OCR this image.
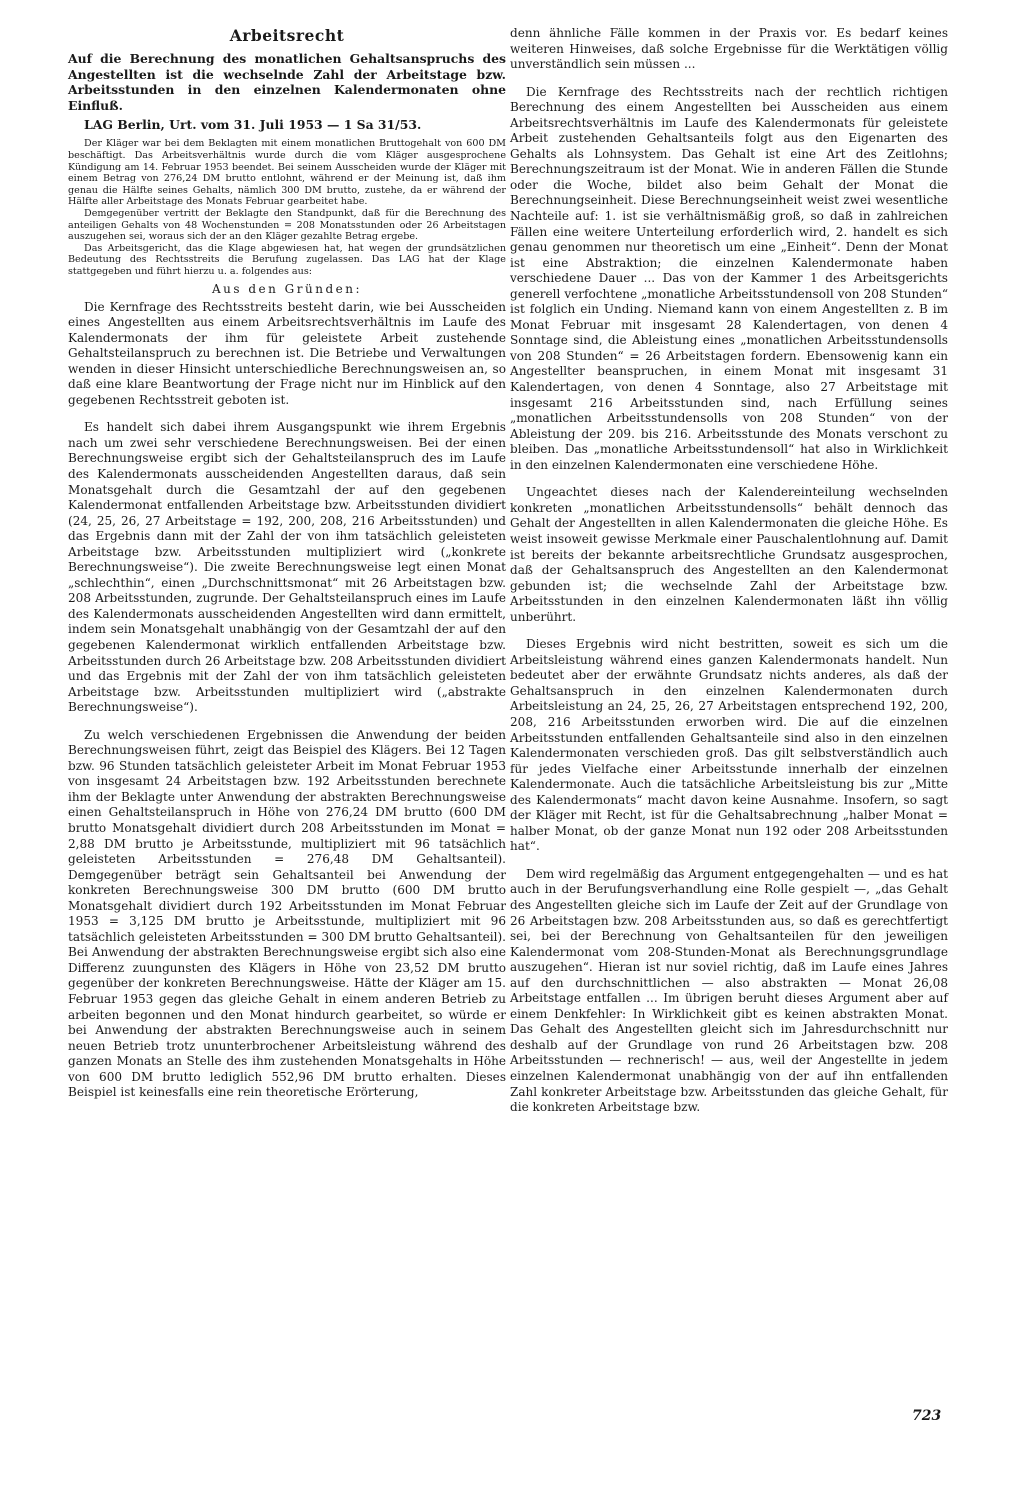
Arbeitsrecht

Auf die Berechnung des monatlichen Gehaltsanspruchs des Angestellten ist die wechselnde Zahl der Arbeitstage bzw. Arbeitsstunden in den einzelnen Kalendermonaten ohne Einfluß.

LAG Berlin, Urt. vom 31. Juli 1953 — 1 Sa 31/53.

Der Kläger war bei dem Beklagten mit einem monatlichen Bruttogehalt von 600 DM beschäftigt. Das Arbeitsverhältnis wurde durch die vom Kläger ausgesprochene Kündigung am 14. Februar 1953 beendet. Bei seinem Ausscheiden wurde der Kläger mit einem Betrag von 276,24 DM brutto entlohnt, während er der Meinung ist, daß ihm genau die Hälfte seines Gehalts, nämlich 300 DM brutto, zustehe, da er während der Hälfte aller Arbeitstage des Monats Februar gearbeitet habe.

Demgegenüber vertritt der Beklagte den Standpunkt, daß für die Berechnung des anteiligen Gehalts von 48 Wochenstunden = 208 Monatsstunden oder 26 Arbeitstagen auszugehen sei, woraus sich der an den Kläger gezahlte Betrag ergebe.

Das Arbeitsgericht, das die Klage abgewiesen hat, hat wegen der grundsätzlichen Bedeutung des Rechtsstreits die Berufung zugelassen. Das LAG hat der Klage stattgegeben und führt hierzu u. a. folgendes aus:

Aus den Gründen:

Die Kernfrage des Rechtsstreits besteht darin, wie bei Ausscheiden eines Angestellten aus einem Arbeitsrechtsverhältnis im Laufe des Kalendermonats der ihm für geleistete Arbeit zustehende Gehaltsteilanspruch zu berechnen ist. Die Betriebe und Verwaltungen wenden in dieser Hinsicht unterschiedliche Berechnungsweisen an, so daß eine klare Beantwortung der Frage nicht nur im Hinblick auf den gegebenen Rechtsstreit geboten ist.

Es handelt sich dabei ihrem Ausgangspunkt wie ihrem Ergebnis nach um zwei sehr verschiedene Berechnungsweisen. Bei der einen Berechnungsweise ergibt sich der Gehaltsteilanspruch des im Laufe des Kalendermonats ausscheidenden Angestellten daraus, daß sein Monatsgehalt durch die Gesamtzahl der auf den gegebenen Kalendermonat entfallenden Arbeitstage bzw. Arbeitsstunden dividiert (24, 25, 26, 27 Arbeitstage = 192, 200, 208, 216 Arbeitsstunden) und das Ergebnis dann mit der Zahl der von ihm tatsächlich geleisteten Arbeitstage bzw. Arbeitsstunden multipliziert wird („konkrete Berechnungsweise“). Die zweite Berechnungsweise legt einen Monat „schlechthin“, einen „Durchschnittsmonat“ mit 26 Arbeitstagen bzw. 208 Arbeitsstunden, zugrunde. Der Gehaltsteilanspruch eines im Laufe des Kalendermonats ausscheidenden Angestellten wird dann ermittelt, indem sein Monatsgehalt unabhängig von der Gesamtzahl der auf den gegebenen Kalendermonat wirklich entfallenden Arbeitstage bzw. Arbeitsstunden durch 26 Arbeitstage bzw. 208 Arbeitsstunden dividiert und das Ergebnis mit der Zahl der von ihm tatsächlich geleisteten Arbeitstage bzw. Arbeitsstunden multipliziert wird („abstrakte Berechnungsweise“).

Zu welch verschiedenen Ergebnissen die Anwendung der beiden Berechnungsweisen führt, zeigt das Beispiel des Klägers. Bei 12 Tagen bzw. 96 Stunden tatsächlich geleisteter Arbeit im Monat Februar 1953 von insgesamt 24 Arbeitstagen bzw. 192 Arbeitsstunden berechnete ihm der Beklagte unter Anwendung der abstrakten Berechnungsweise einen Gehaltsteilanspruch in Höhe von 276,24 DM brutto (600 DM brutto Monatsgehalt dividiert durch 208 Arbeitsstunden im Monat = 2,88 DM brutto je Arbeitsstunde, multipliziert mit 96 tatsächlich geleisteten Arbeitsstunden = 276,48 DM Gehaltsanteil). Demgegenüber beträgt sein Gehaltsanteil bei Anwendung der konkreten Berechnungsweise 300 DM brutto (600 DM brutto Monatsgehalt dividiert durch 192 Arbeitsstunden im Monat Februar 1953 = 3,125 DM brutto je Arbeitsstunde, multipliziert mit 96 tatsächlich geleisteten Arbeitsstunden = 300 DM brutto Gehaltsanteil). Bei Anwendung der abstrakten Berechnungsweise ergibt sich also eine Differenz zuungunsten des Klägers in Höhe von 23,52 DM brutto gegenüber der konkreten Berechnungsweise. Hätte der Kläger am 15. Februar 1953 gegen das gleiche Gehalt in einem anderen Betrieb zu arbeiten begonnen und den Monat hindurch gearbeitet, so würde er bei Anwendung der abstrakten Berechnungsweise auch in seinem neuen Betrieb trotz ununterbrochener Arbeitsleistung während des ganzen Monats an Stelle des ihm zustehenden Monatsgehalts in Höhe von 600 DM brutto lediglich 552,96 DM brutto erhalten. Dieses Beispiel ist keinesfalls eine rein theoretische Erörterung,

denn ähnliche Fälle kommen in der Praxis vor. Es bedarf keines weiteren Hinweises, daß solche Ergebnisse für die Werktätigen völlig unverständlich sein müssen ...

Die Kernfrage des Rechtsstreits nach der rechtlich richtigen Berechnung des einem Angestellten bei Ausscheiden aus einem Arbeitsrechtsverhältnis im Laufe des Kalendermonats für geleistete Arbeit zustehenden Gehaltsanteils folgt aus den Eigenarten des Gehalts als Lohnsystem. Das Gehalt ist eine Art des Zeitlohns; Berechnungszeitraum ist der Monat. Wie in anderen Fällen die Stunde oder die Woche, bildet also beim Gehalt der Monat die Berechnungseinheit. Diese Berechnungseinheit weist zwei wesentliche Nachteile auf: 1. ist sie verhältnismäßig groß, so daß in zahlreichen Fällen eine weitere Unterteilung erforderlich wird, 2. handelt es sich genau genommen nur theoretisch um eine „Einheit“. Denn der Monat ist eine Abstraktion; die einzelnen Kalendermonate haben verschiedene Dauer ... Das von der Kammer 1 des Arbeitsgerichts generell verfochtene „monatliche Arbeitsstundensoll von 208 Stunden“ ist folglich ein Unding. Niemand kann von einem Angestellten z. B im Monat Februar mit insgesamt 28 Kalendertagen, von denen 4 Sonntage sind, die Ableistung eines „monatlichen Arbeitsstundensolls von 208 Stunden“ = 26 Arbeitstagen fordern. Ebensowenig kann ein Angestellter beanspruchen, in einem Monat mit insgesamt 31 Kalendertagen, von denen 4 Sonntage, also 27 Arbeitstage mit insgesamt 216 Arbeitsstunden sind, nach Erfüllung seines „monatlichen Arbeitsstundensolls von 208 Stunden“ von der Ableistung der 209. bis 216. Arbeitsstunde des Monats verschont zu bleiben. Das „monatliche Arbeitsstundensoll“ hat also in Wirklichkeit in den einzelnen Kalendermonaten eine verschiedene Höhe.

Ungeachtet dieses nach der Kalendereinteilung wechselnden konkreten „monatlichen Arbeitsstundensolls“ behält dennoch das Gehalt der Angestellten in allen Kalendermonaten die gleiche Höhe. Es weist insoweit gewisse Merkmale einer Pauschalentlohnung auf. Damit ist bereits der bekannte arbeitsrechtliche Grundsatz ausgesprochen, daß der Gehaltsanspruch des Angestellten an den Kalendermonat gebunden ist; die wechselnde Zahl der Arbeitstage bzw. Arbeitsstunden in den einzelnen Kalendermonaten läßt ihn völlig unberührt.

Dieses Ergebnis wird nicht bestritten, soweit es sich um die Arbeitsleistung während eines ganzen Kalendermonats handelt. Nun bedeutet aber der erwähnte Grundsatz nichts anderes, als daß der Gehaltsanspruch in den einzelnen Kalendermonaten durch Arbeitsleistung an 24, 25, 26, 27 Arbeitstagen entsprechend 192, 200, 208, 216 Arbeitsstunden erworben wird. Die auf die einzelnen Arbeitsstunden entfallenden Gehaltsanteile sind also in den einzelnen Kalendermonaten verschieden groß. Das gilt selbstverständlich auch für jedes Vielfache einer Arbeitsstunde innerhalb der einzelnen Kalendermonate. Auch die tatsächliche Arbeitsleistung bis zur „Mitte des Kalendermonats“ macht davon keine Ausnahme. Insofern, so sagt der Kläger mit Recht, ist für die Gehaltsabrechnung „halber Monat = halber Monat, ob der ganze Monat nun 192 oder 208 Arbeitsstunden hat“.

Dem wird regelmäßig das Argument entgegengehalten — und es hat auch in der Berufungsverhandlung eine Rolle gespielt —, „das Gehalt des Angestellten gleiche sich im Laufe der Zeit auf der Grundlage von 26 Arbeitstagen bzw. 208 Arbeitsstunden aus, so daß es gerechtfertigt sei, bei der Berechnung von Gehaltsanteilen für den jeweiligen Kalendermonat vom 208-Stunden-Monat als Berechnungsgrundlage auszugehen“. Hieran ist nur soviel richtig, daß im Laufe eines Jahres auf den durchschnittlichen — also abstrakten — Monat 26,08 Arbeitstage entfallen ... Im übrigen beruht dieses Argument aber auf einem Denkfehler: In Wirklichkeit gibt es keinen abstrakten Monat. Das Gehalt des Angestellten gleicht sich im Jahresdurchschnitt nur deshalb auf der Grundlage von rund 26 Arbeitstagen bzw. 208 Arbeitsstunden — rechnerisch! — aus, weil der Angestellte in jedem einzelnen Kalendermonat unabhängig von der auf ihn entfallenden Zahl konkreter Arbeitstage bzw. Arbeitsstunden das gleiche Gehalt, für die konkreten Arbeitstage bzw.

723
